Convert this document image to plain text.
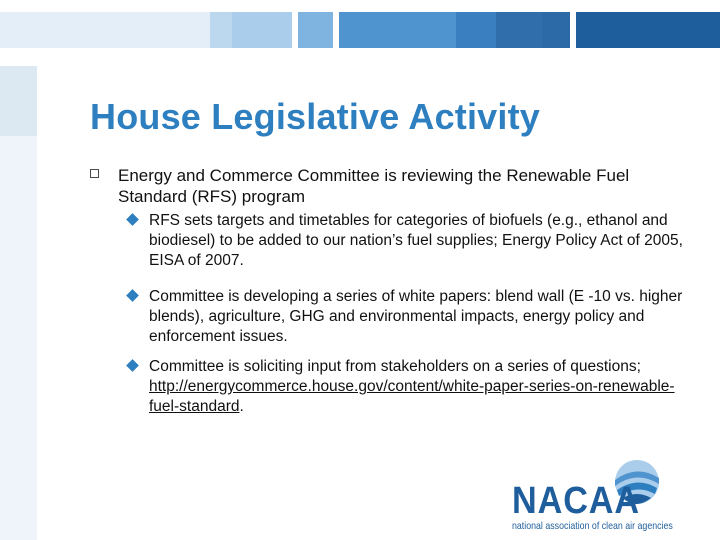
House Legislative Activity

Energy and Commerce Committee is reviewing the Renewable Fuel Standard (RFS) program

RFS sets targets and timetables for categories of biofuels (e.g., ethanol and biodiesel) to be added to our nation’s fuel supplies; Energy Policy Act of 2005, EISA of 2007.

Committee is developing a series of white papers: blend wall (E -10 vs. higher blends), agriculture, GHG and environmental impacts, energy policy and enforcement issues.

Committee is soliciting input from stakeholders on a series of questions; http://energycommerce.house.gov/content/white-paper-series-on-renewable-fuel-standard.

NACAA

national association of clean air agencies
